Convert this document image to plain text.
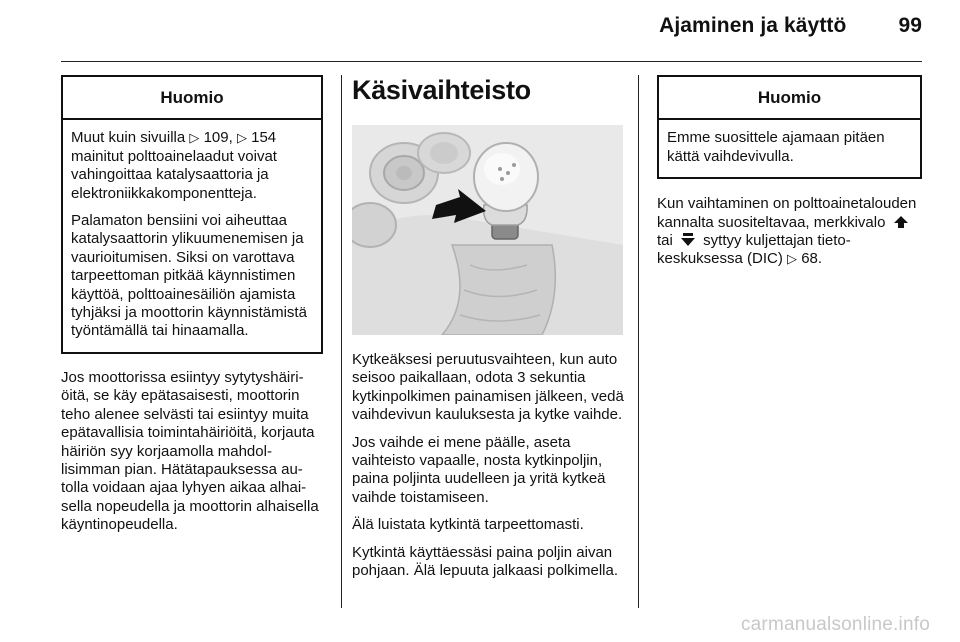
Ajaminen ja käyttö 99
Huomio

Muut kuin sivuilla ▷ 109, ▷ 154 mainitut polttoainelaadut voivat vahingoittaa katalysaattoria ja elektroniikkakomponentteja.

Palamaton bensiini voi aiheuttaa katalysaattorin ylikuumenemisen ja vaurioitumisen. Siksi on varottava tarpeettoman pitkää käynnistimen käyttöä, polttoainesäiliön ajamista tyhjäksi ja moottorin käynnistämistä työntämällä tai hinaamalla.

Jos moottorissa esiintyy sytytyshäiriöitä, se käy epätasaisesti, moottorin teho alenee selvästi tai esiintyy muita epätavallisia toimintahäiriöitä, korjauta häiriön syy korjaamolla mahdollisimman pian. Hätätapauksessa autolla voidaan ajaa lyhyen aikaa alhaisella nopeudella ja moottorin alhaisella käyntinopeudella.

Käsivaihteisto

Kytkeäksesi peruutusvaihteen, kun auto seisoo paikallaan, odota 3 sekuntia kytkinpolkimen painamisen jälkeen, vedä vaihdevivun kauluksesta ja kytke vaihde.

Jos vaihde ei mene päälle, aseta vaihteisto vapaalle, nosta kytkinpoljin, paina poljinta uudelleen ja yritä kytkeä vaihde toistamiseen.

Älä luistata kytkintä tarpeettomasti.

Kytkintä käyttäessäsi paina poljin aivan pohjaan. Älä lepuuta jalkaasi polkimella.

Huomio

Emme suosittele ajamaan pitäen kättä vaihdevivulla.

Kun vaihtaminen on polttoainetalouden kannalta suositeltavaa, merkkivalo  tai  syttyy kuljettajan tietokeskuksessa (DIC) ▷ 68.

carmanualsonline.info
